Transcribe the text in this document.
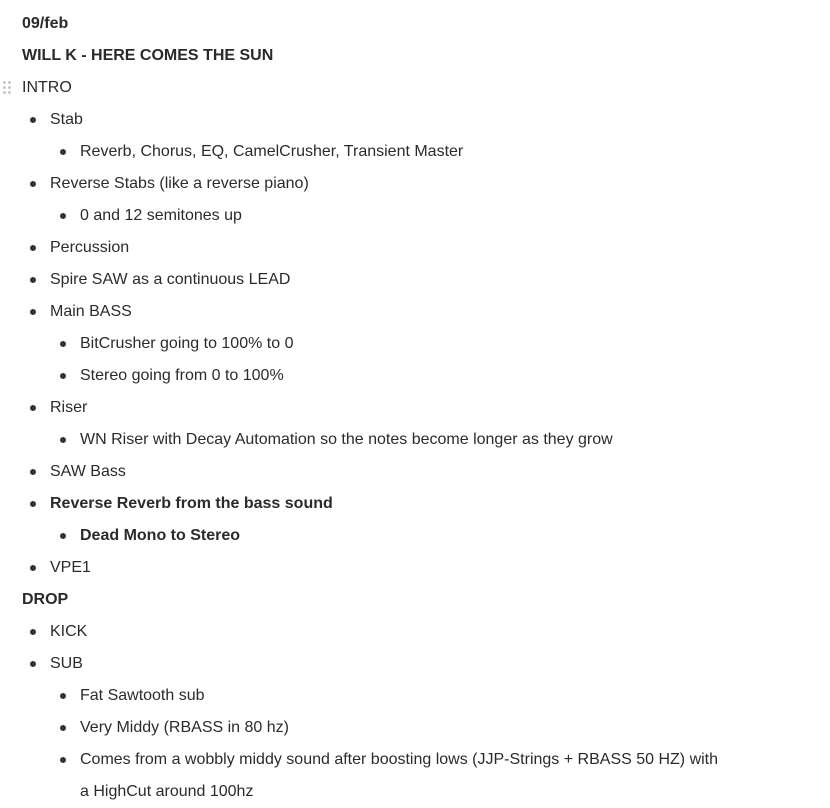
09/feb
WILL K - HERE COMES THE SUN
INTRO
Stab
Reverb, Chorus, EQ, CamelCrusher, Transient Master
Reverse Stabs (like a reverse piano)
0 and 12 semitones up
Percussion
Spire SAW as a continuous LEAD
Main BASS
BitCrusher going to 100% to 0
Stereo going from 0 to 100%
Riser
WN Riser with Decay Automation so the notes become longer as they grow
SAW Bass
Reverse Reverb from the bass sound
Dead Mono to Stereo
VPE1
DROP
KICK
SUB
Fat Sawtooth sub
Very Middy (RBASS in 80 hz)
Comes from a wobbly middy sound after boosting lows (JJP-Strings + RBASS 50 HZ) with a HighCut around 100hz
